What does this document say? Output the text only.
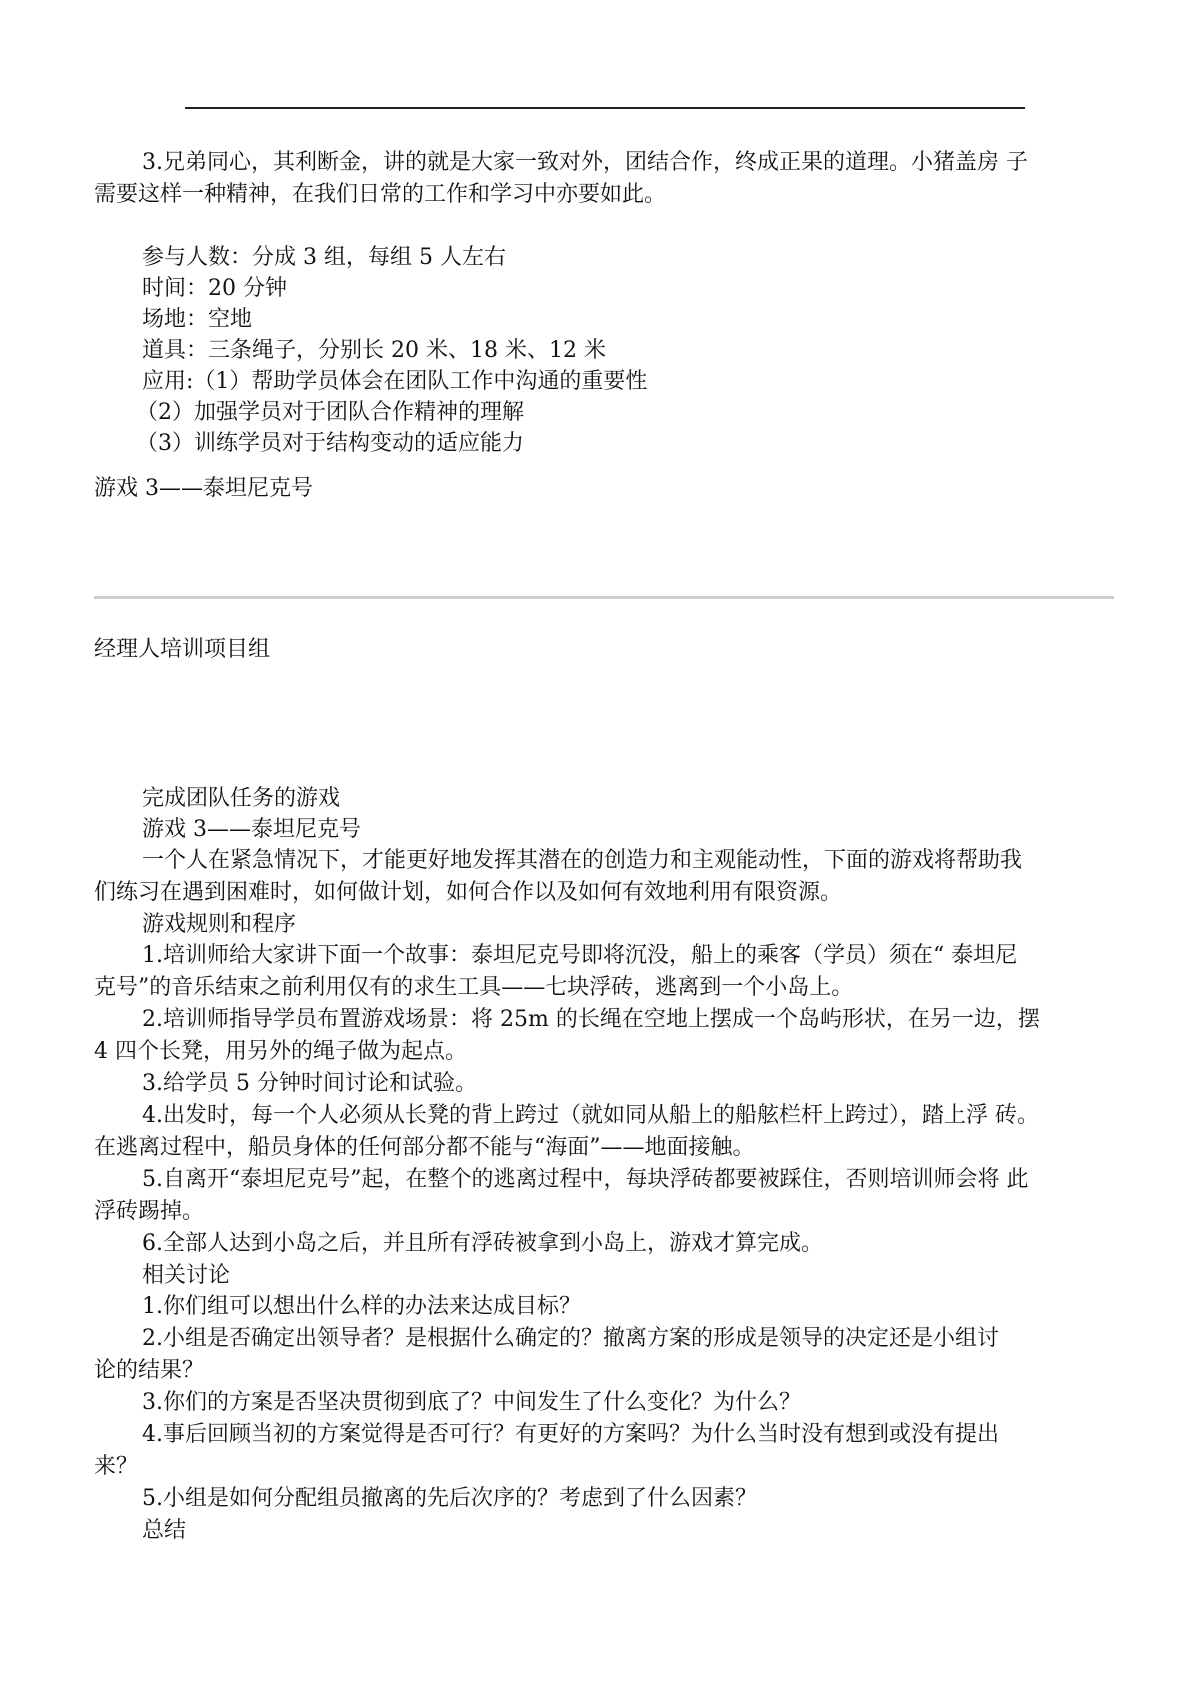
3.兄弟同心，其利断金，讲的就是大家一致对外，团结合作，终成正果的道理。小猪盖房 子
需要这样一种精神，在我们日常的工作和学习中亦要如此。
参与人数：分成 3 组，每组 5 人左右
时间：20 分钟
场地：空地
道具：三条绳子，分别长 20 米、18 米、12 米
应用:（1）帮助学员体会在团队工作中沟通的重要性
（2）加强学员对于团队合作精神的理解
（3）训练学员对于结构变动的适应能力
游戏 3——泰坦尼克号
经理人培训项目组
完成团队任务的游戏
游戏 3——泰坦尼克号
一个人在紧急情况下，才能更好地发挥其潜在的创造力和主观能动性，下面的游戏将帮助我
们练习在遇到困难时，如何做计划，如何合作以及如何有效地利用有限资源。
游戏规则和程序
1.培训师给大家讲下面一个故事：泰坦尼克号即将沉没，船上的乘客（学员）须在“ 泰坦尼
克号”的音乐结束之前利用仅有的求生工具——七块浮砖，逃离到一个小岛上。
2.培训师指导学员布置游戏场景：将 25m 的长绳在空地上摆成一个岛屿形状，在另一边，摆
4 四个长凳，用另外的绳子做为起点。
3.给学员 5 分钟时间讨论和试验。
4.出发时，每一个人必须从长凳的背上跨过（就如同从船上的船舷栏杆上跨过），踏上浮 砖。
在逃离过程中，船员身体的任何部分都不能与“海面”——地面接触。
5.自离开“泰坦尼克号”起，在整个的逃离过程中，每块浮砖都要被踩住，否则培训师会将 此
浮砖踢掉。
6.全部人达到小岛之后，并且所有浮砖被拿到小岛上，游戏才算完成。
相关讨论
1.你们组可以想出什么样的办法来达成目标？
2.小组是否确定出领导者？是根据什么确定的？撤离方案的形成是领导的决定还是小组讨
论的结果？
3.你们的方案是否坚决贯彻到底了？中间发生了什么变化？为什么？
4.事后回顾当初的方案觉得是否可行？有更好的方案吗？为什么当时没有想到或没有提出
来？
5.小组是如何分配组员撤离的先后次序的？考虑到了什么因素？
总结
